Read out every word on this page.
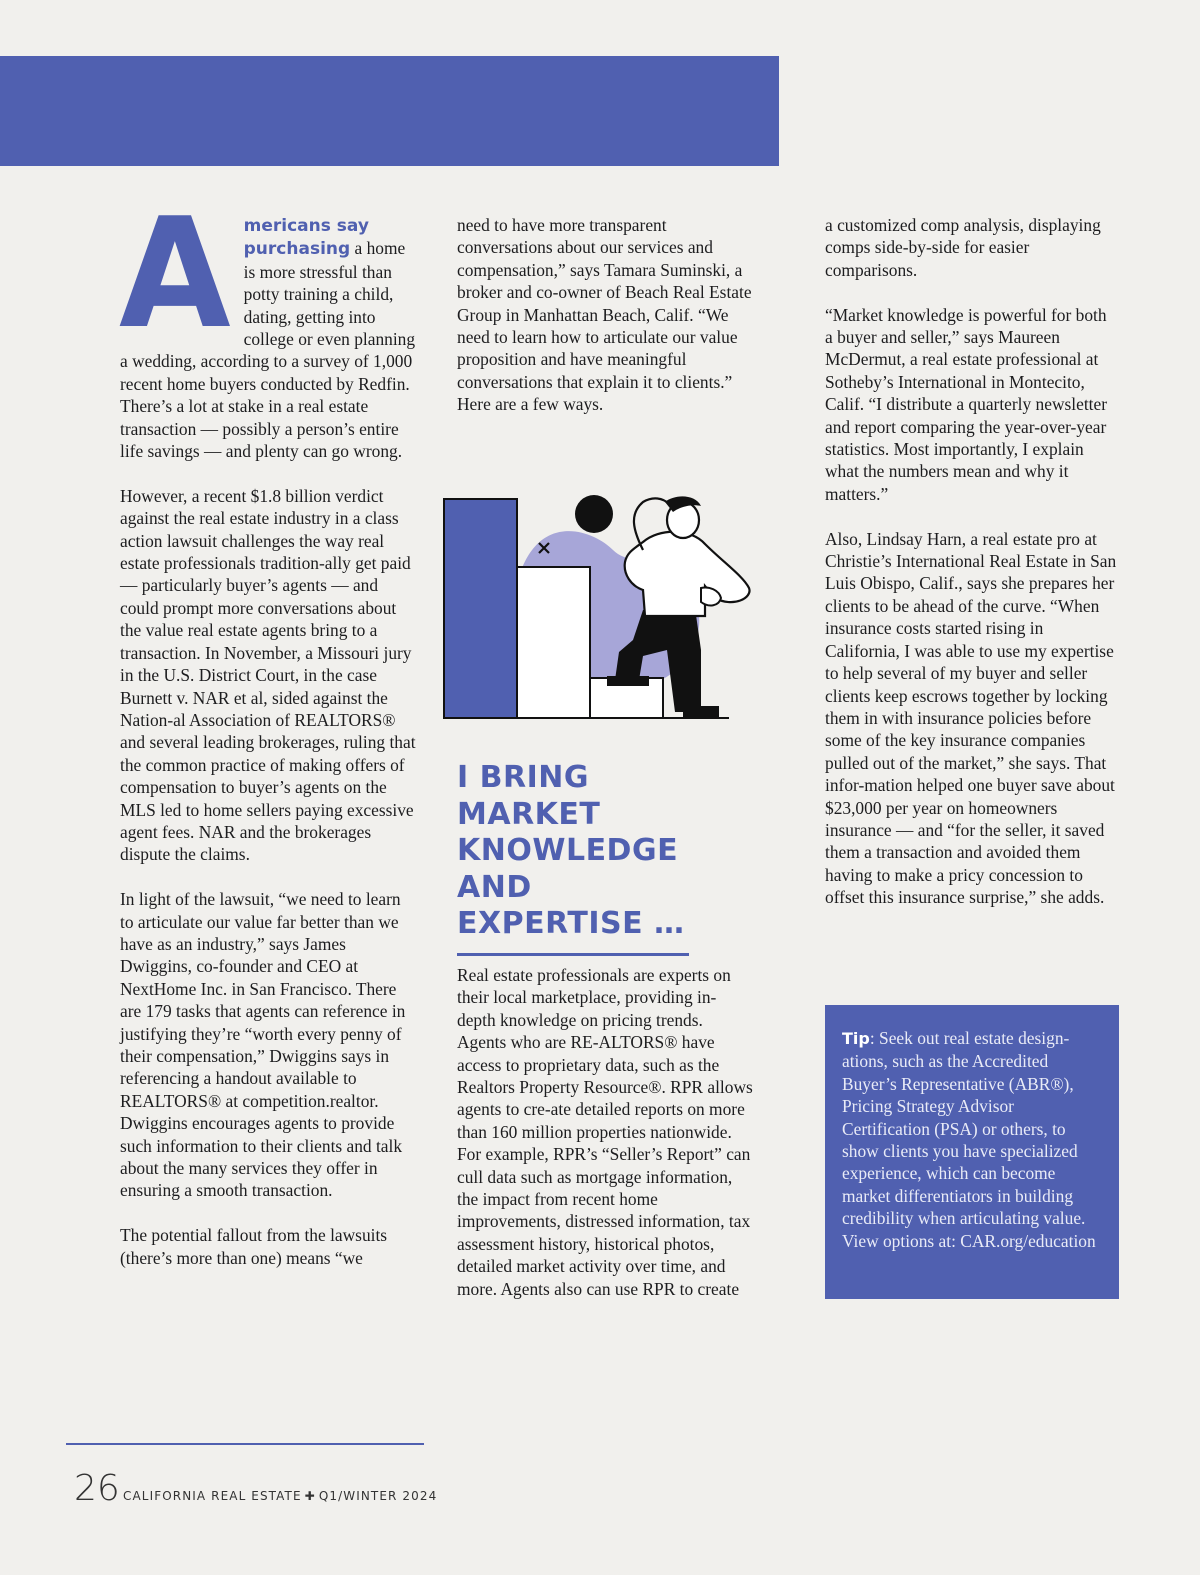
Americans say purchasing a home is more stressful than potty training a child, dating, getting into college or even planning a wedding, according to a survey of 1,000 recent home buyers conducted by Redfin. There’s a lot at stake in a real estate transaction — possibly a person’s entire life savings — and plenty can go wrong.

However, a recent $1.8 billion verdict against the real estate industry in a class action lawsuit challenges the way real estate professionals tradition-ally get paid — particularly buyer’s agents — and could prompt more conversations about the value real estate agents bring to a transaction. In November, a Missouri jury in the U.S. District Court, in the case Burnett v. NAR et al, sided against the Nation-al Association of REALTORS® and several leading brokerages, ruling that the common practice of making offers of compensation to buyer’s agents on the MLS led to home sellers paying excessive agent fees. NAR and the brokerages dispute the claims.

In light of the lawsuit, “we need to learn to articulate our value far better than we have as an industry,” says James Dwiggins, co-founder and CEO at NextHome Inc. in San Francisco. There are 179 tasks that agents can reference in justifying they’re “worth every penny of their compensation,” Dwiggins says in referencing a handout available to REALTORS® at competition.realtor. Dwiggins encourages agents to provide such information to their clients and talk about the many services they offer in ensuring a smooth transaction.

The potential fallout from the lawsuits (there’s more than one) means “we

need to have more transparent conversations about our services and compensation,” says Tamara Suminski, a broker and co-owner of Beach Real Estate Group in Manhattan Beach, Calif. “We need to learn how to articulate our value proposition and have meaningful conversations that explain it to clients.” Here are a few ways.

I BRING MARKET KNOWLEDGE AND EXPERTISE …

Real estate professionals are experts on their local marketplace, providing in-depth knowledge on pricing trends. Agents who are RE-ALTORS® have access to proprietary data, such as the Realtors Property Resource®. RPR allows agents to cre-ate detailed reports on more than 160 million properties nationwide. For example, RPR’s “Seller’s Report” can cull data such as mortgage information, the impact from recent home improvements, distressed information, tax assessment history, historical photos, detailed market activity over time, and more. Agents also can use RPR to create

a customized comp analysis, displaying comps side-by-side for easier comparisons.

“Market knowledge is powerful for both a buyer and seller,” says Maureen McDermut, a real estate professional at Sotheby’s International in Montecito, Calif. “I distribute a quarterly newsletter and report comparing the year-over-year statistics. Most importantly, I explain what the numbers mean and why it matters.”

Also, Lindsay Harn, a real estate pro at Christie’s International Real Estate in San Luis Obispo, Calif., says she prepares her clients to be ahead of the curve. “When insurance costs started rising in California, I was able to use my expertise to help several of my buyer and seller clients keep escrows together by locking them in with insurance policies before some of the key insurance companies pulled out of the market,” she says. That infor-mation helped one buyer save about $23,000 per year on homeowners insurance — and “for the seller, it saved them a transaction and avoided them having to make a pricy concession to offset this insurance surprise,” she adds.

Tip: Seek out real estate design-ations, such as the Accredited Buyer’s Representative (ABR®), Pricing Strategy Advisor Certification (PSA) or others, to show clients you have specialized experience, which can become market differentiators in building credibility when articulating value. View options at: CAR.org/education
26 CALIFORNIA REAL ESTATE ✚ Q1/WINTER 2024
